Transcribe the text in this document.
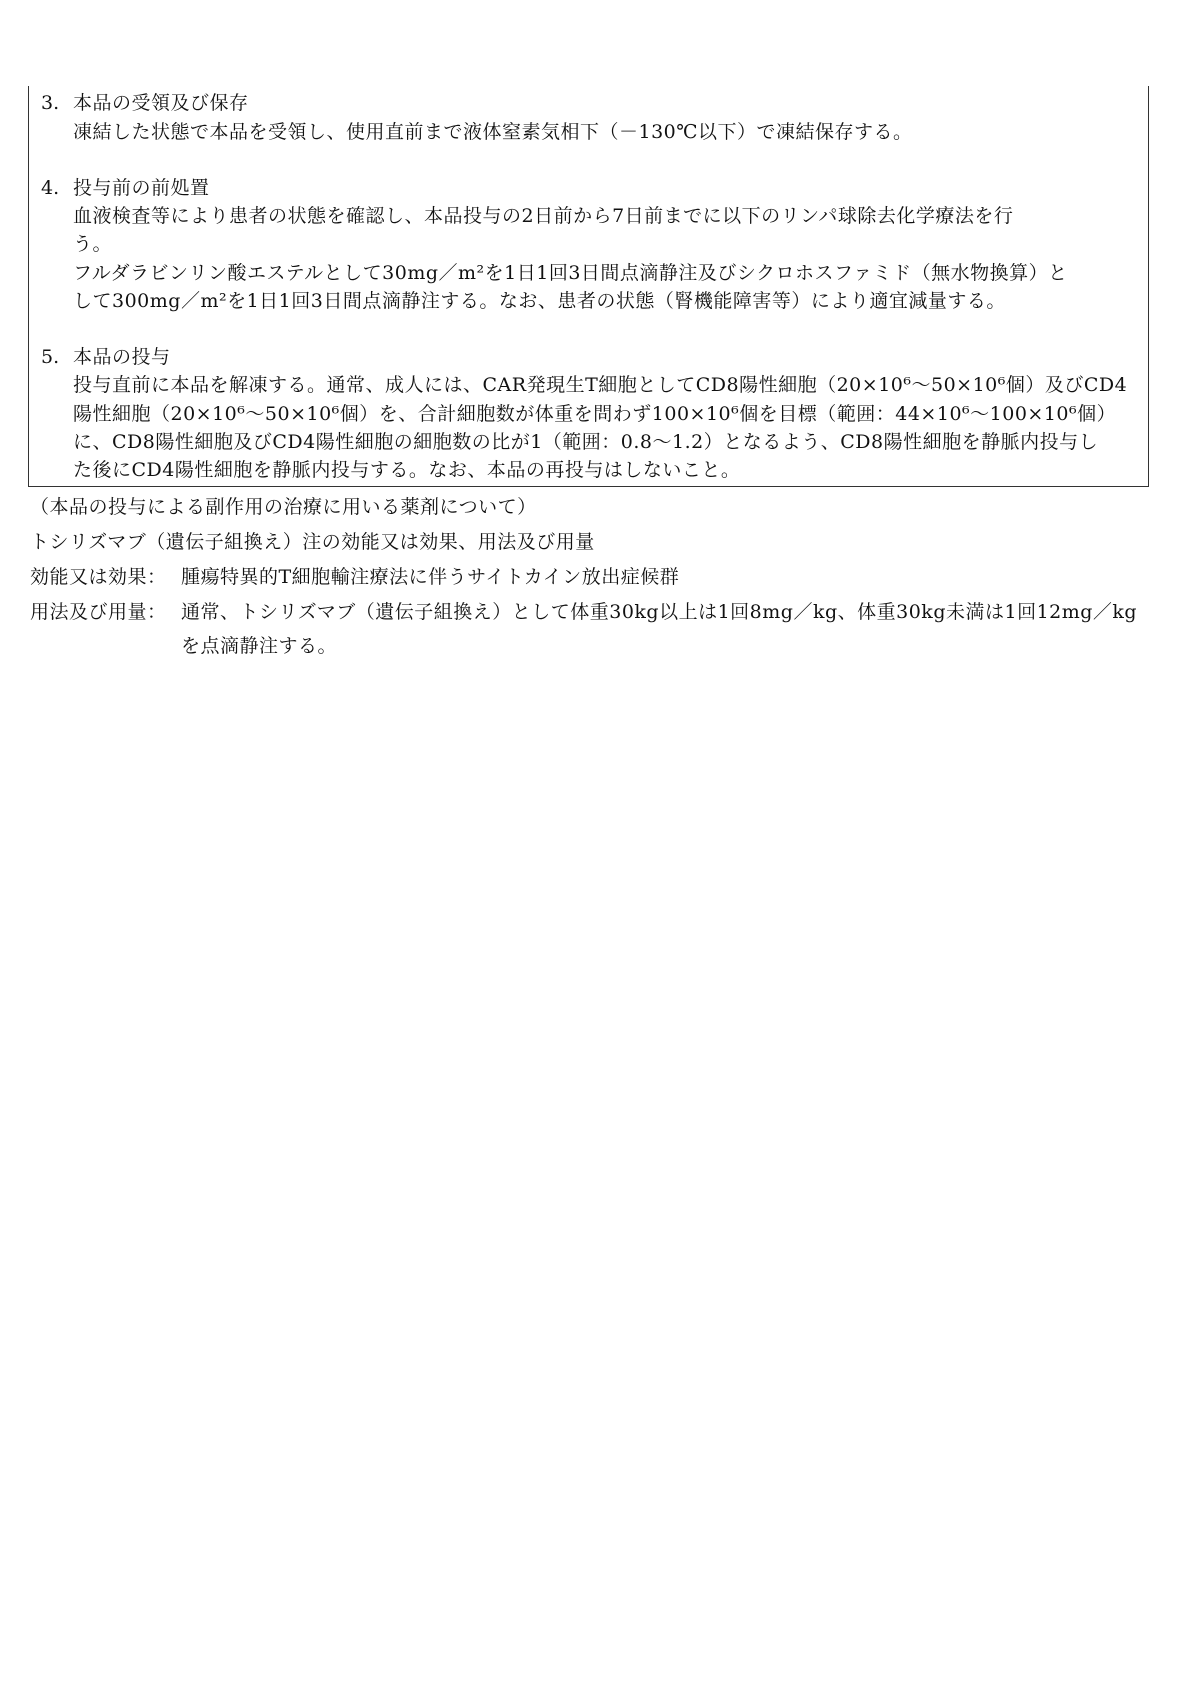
3. 本品の受領及び保存
凍結した状態で本品を受領し、使用直前まで液体窒素気相下（－130℃以下）で凍結保存する。
4. 投与前の前処置
血液検査等により患者の状態を確認し、本品投与の2日前から7日前までに以下のリンパ球除去化学療法を行
う。
フルダラビンリン酸エステルとして30mg／m²を1日1回3日間点滴静注及びシクロホスファミド（無水物換算）と
して300mg／m²を1日1回3日間点滴静注する。なお、患者の状態（腎機能障害等）により適宜減量する。
5. 本品の投与
投与直前に本品を解凍する。通常、成人には、CAR発現生T細胞としてCD8陽性細胞（20×10⁶～50×10⁶個）及びCD4
陽性細胞（20×10⁶～50×10⁶個）を、合計細胞数が体重を問わず100×10⁶個を目標（範囲：44×10⁶～100×10⁶個）
に、CD8陽性細胞及びCD4陽性細胞の細胞数の比が1（範囲：0.8～1.2）となるよう、CD8陽性細胞を静脈内投与し
た後にCD4陽性細胞を静脈内投与する。なお、本品の再投与はしないこと。
（本品の投与による副作用の治療に用いる薬剤について）
トシリズマブ（遺伝子組換え）注の効能又は効果、用法及び用量
効能又は効果： 腫瘍特異的T細胞輸注療法に伴うサイトカイン放出症候群
用法及び用量： 通常、トシリズマブ（遺伝子組換え）として体重30kg以上は1回8mg／kg、体重30kg未満は1回12mg／kg
を点滴静注する。
